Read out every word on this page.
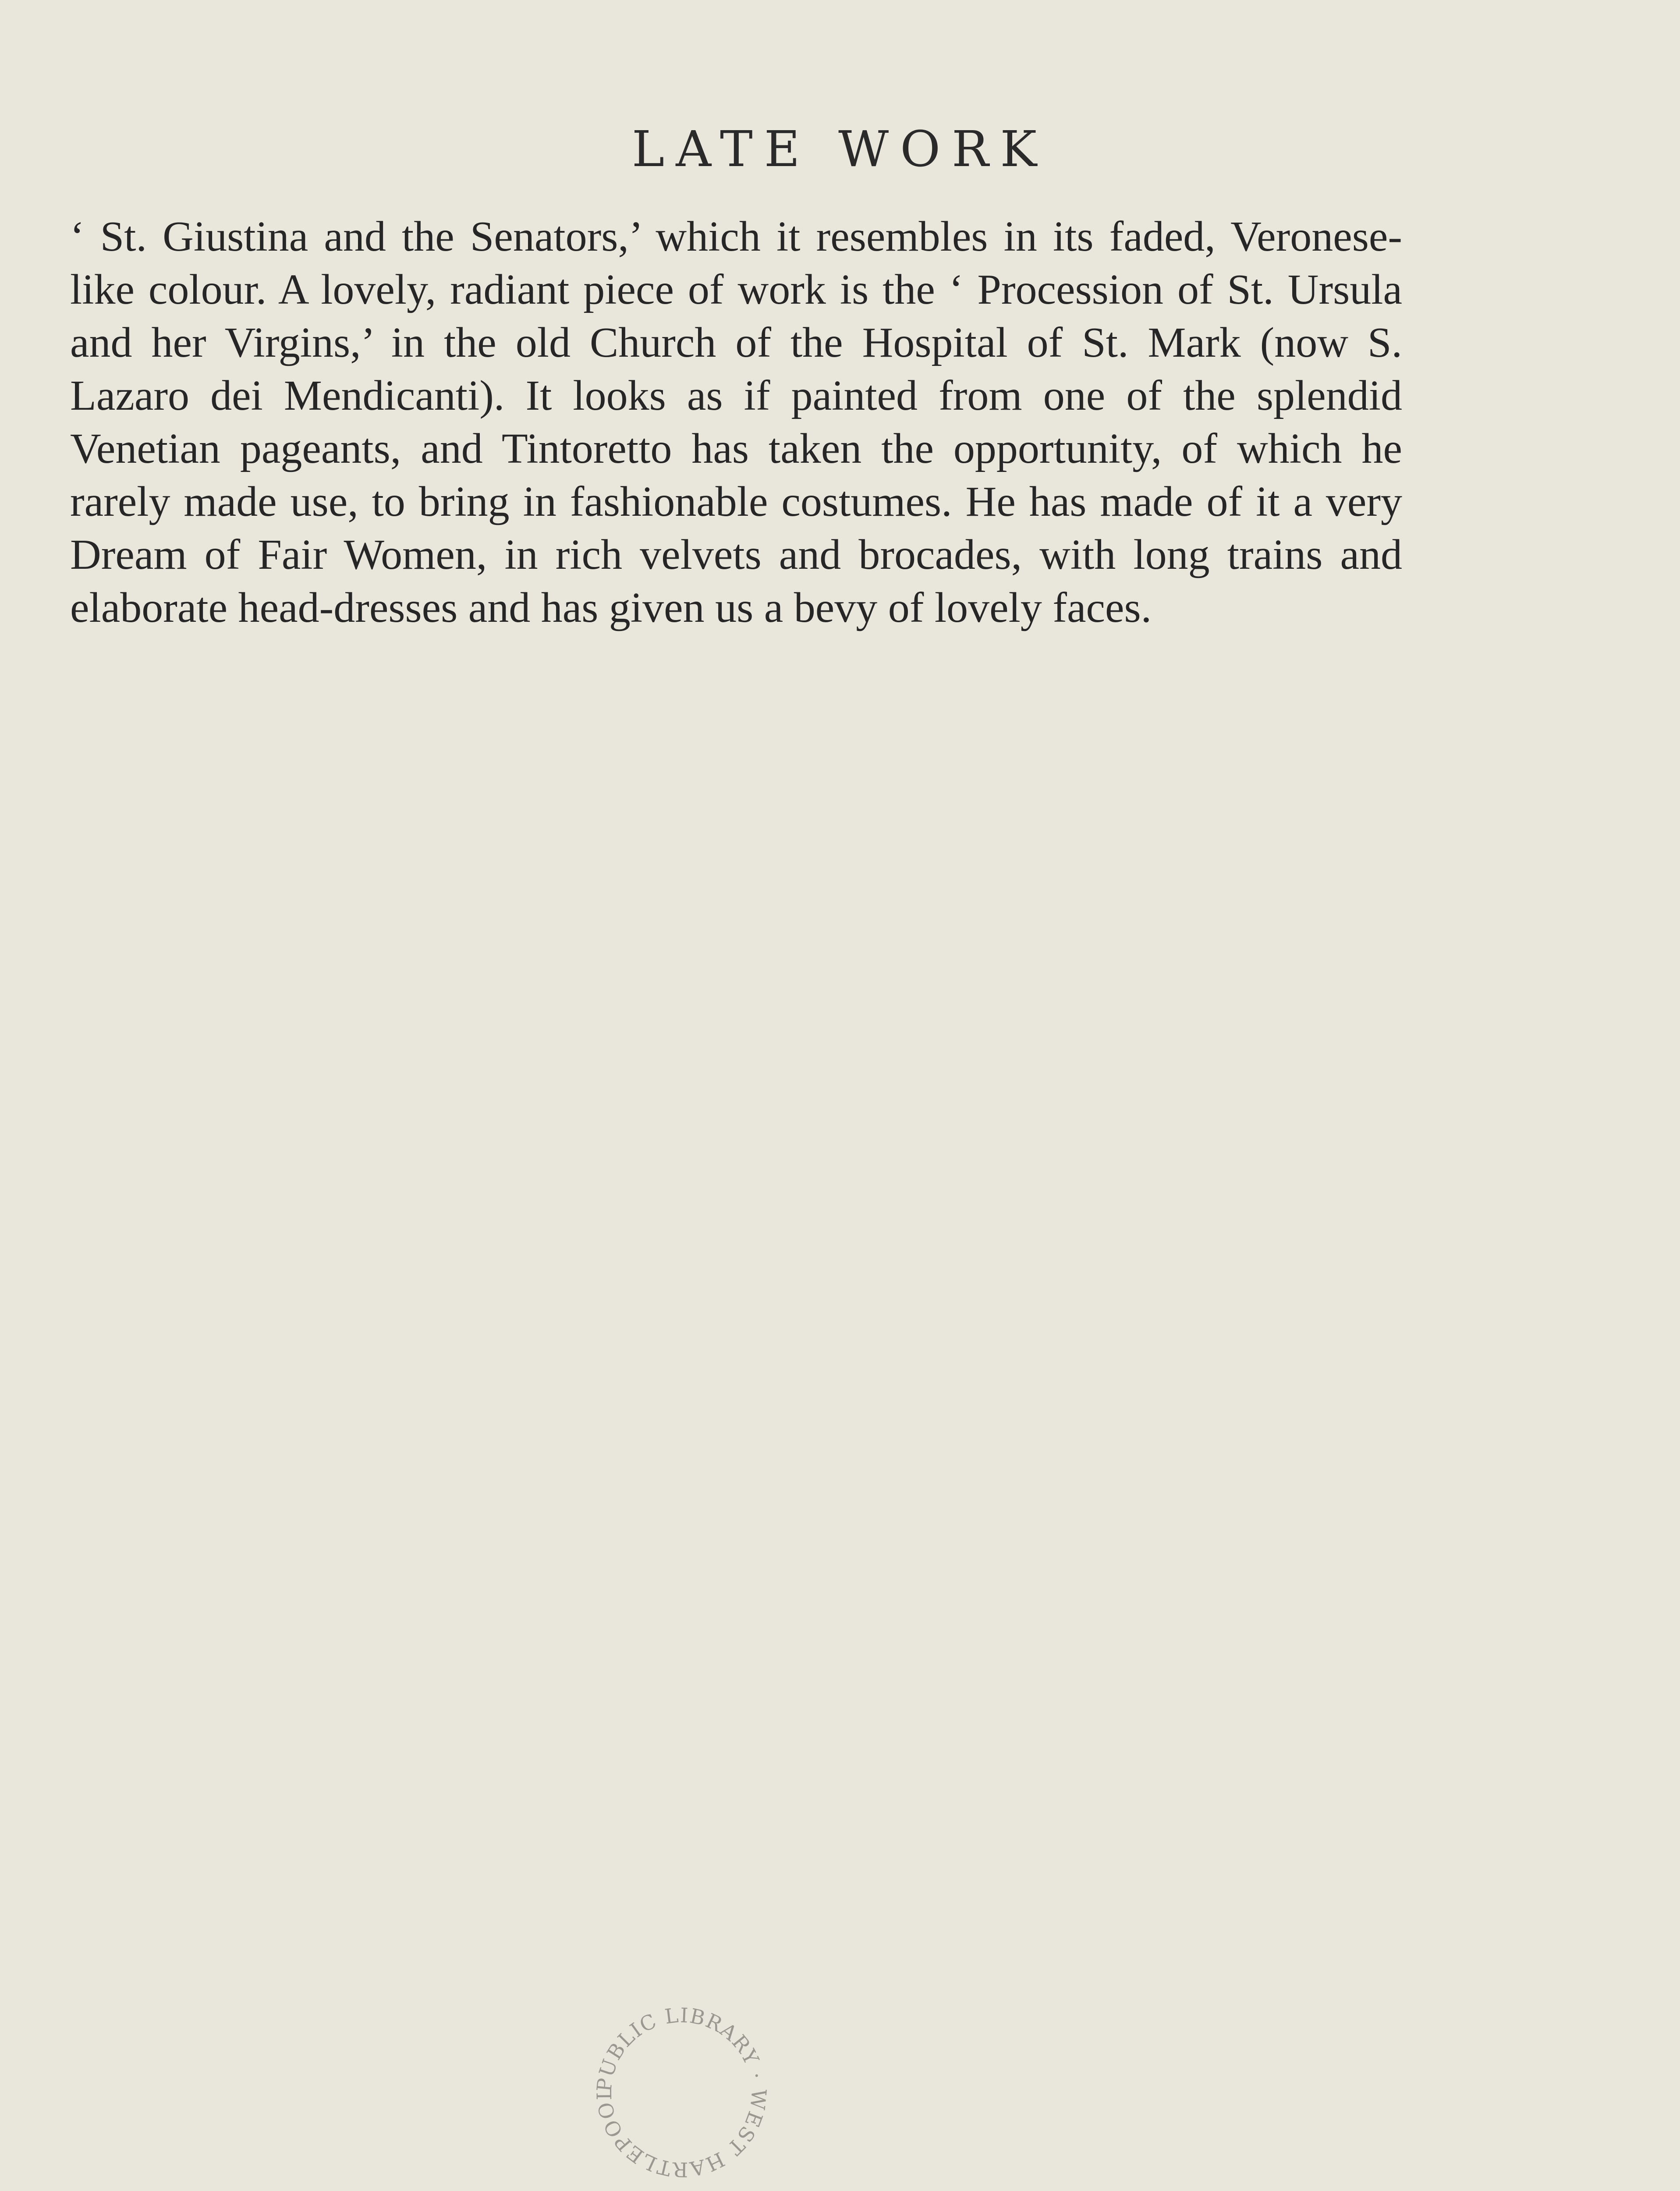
LATE WORK

‘ St. Giustina and the Senators,’ which it resembles in its faded, Veronese-like colour. A lovely, radiant piece of work is the ‘ Procession of St. Ursula and her Virgins,’ in the old Church of the Hospital of St. Mark (now S. Lazaro dei Mendicanti). It looks as if painted from one of the splendid Venetian pageants, and Tintoretto has taken the opportunity, of which he rarely made use, to bring in fashionable costumes. He has made of it a very Dream of Fair Women, in rich velvets and brocades, with long trains and elaborate head-dresses and has given us a bevy of lovely faces.

PUBLIC LIBRARY · WEST HARTLEPOOL
